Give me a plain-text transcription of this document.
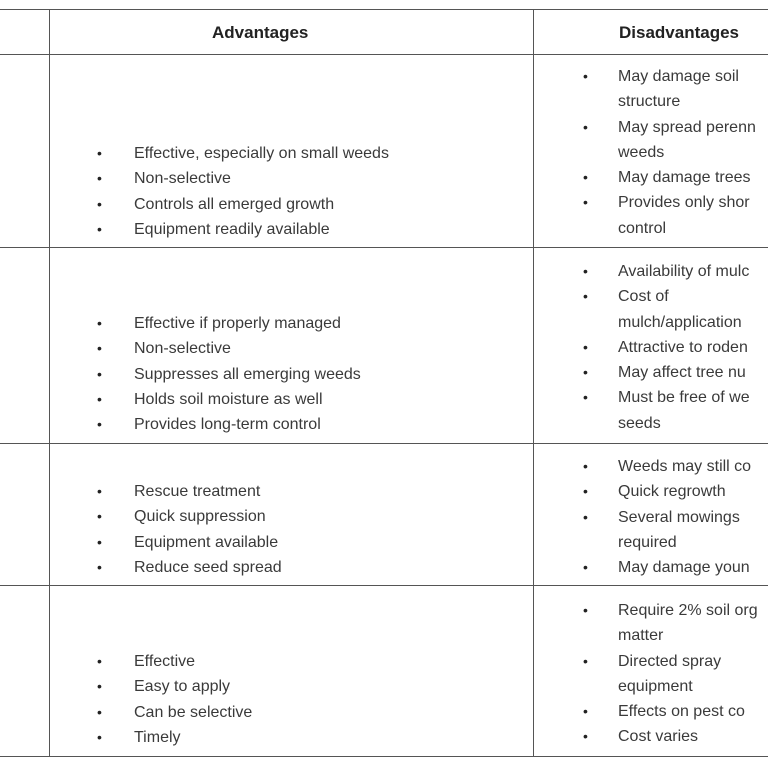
Advantages	Disadvantages
• Effective, especially on small weeds
• Non-selective
• Controls all emerged growth
• Equipment readily available
• May damage soil
structure
• May spread perenn
weeds
• May damage trees
• Provides only shor
control
• Effective if properly managed
• Non-selective
• Suppresses all emerging weeds
• Holds soil moisture as well
• Provides long-term control
• Availability of mulc
• Cost of
mulch/application
• Attractive to roden
• May affect tree nu
• Must be free of we
seeds
• Rescue treatment
• Quick suppression
• Equipment available
• Reduce seed spread
• Weeds may still co
• Quick regrowth
• Several mowings
required
• May damage youn
• Effective
• Easy to apply
• Can be selective
• Timely
• Require 2% soil org
matter
• Directed spray
equipment
• Effects on pest co
• Cost varies
